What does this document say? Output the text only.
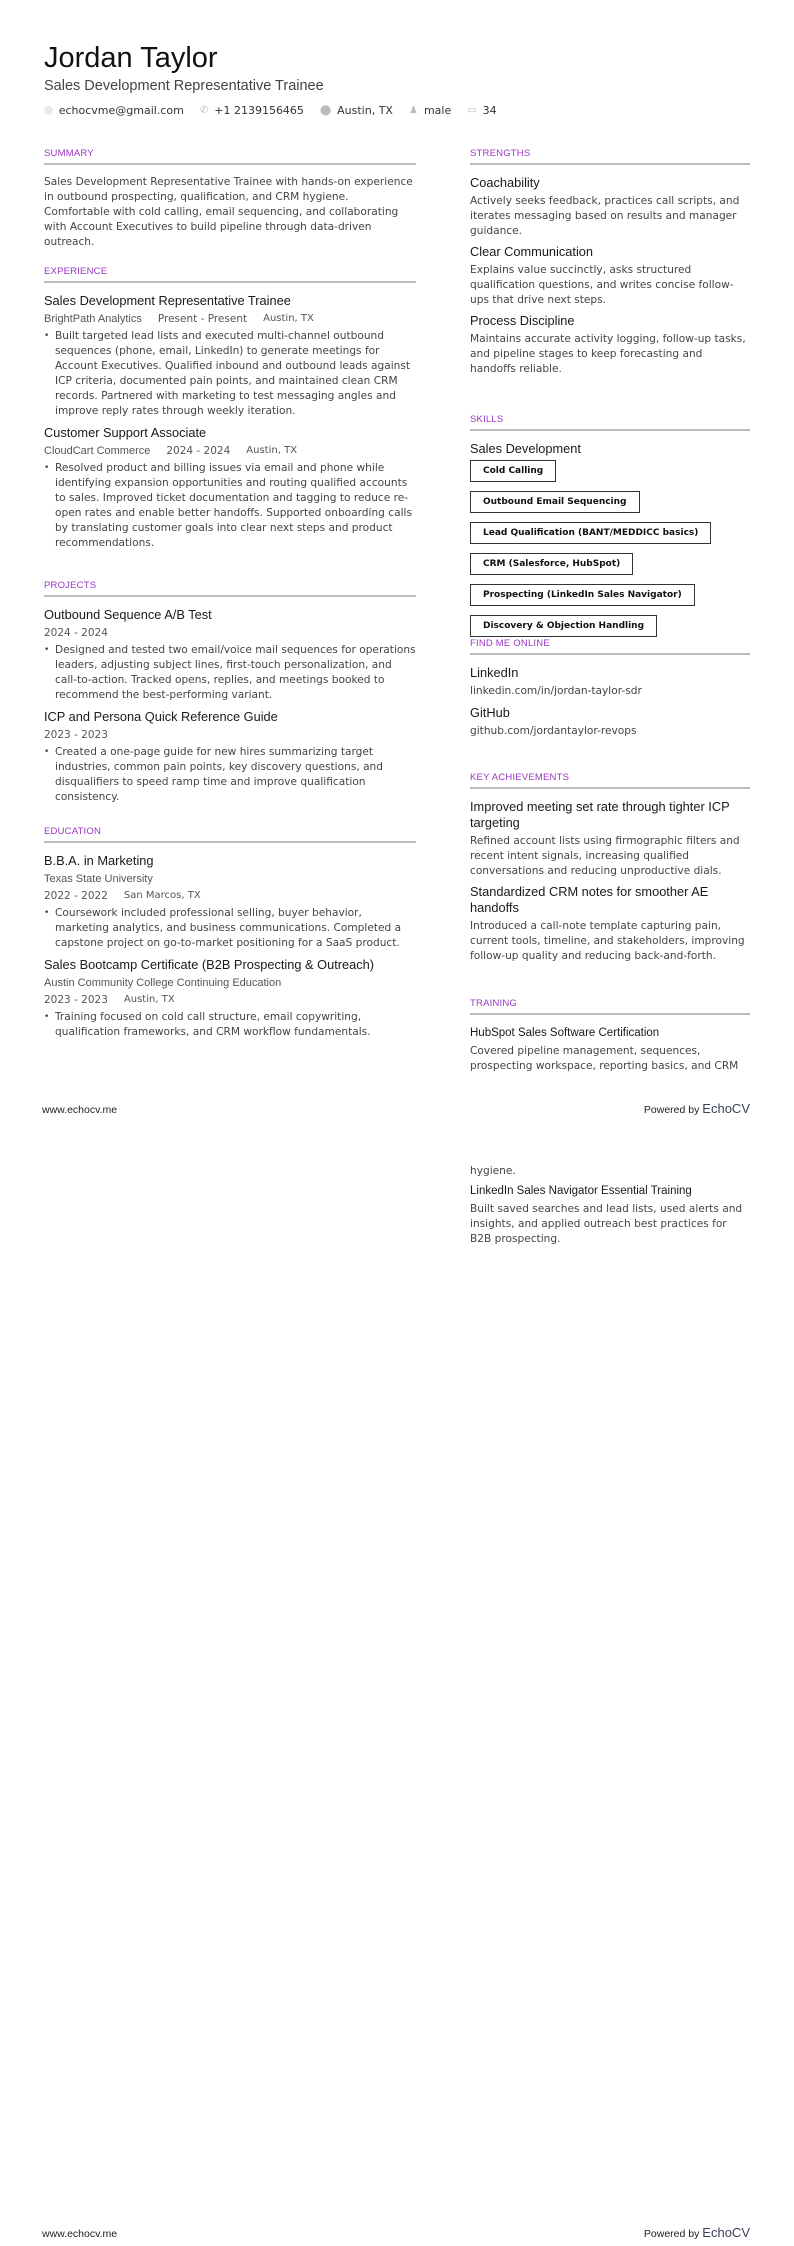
Jordan Taylor
Sales Development Representative Trainee
◎ echocvme@gmail.com ✆ +1 2139156465 ⬤ Austin, TX ♟ male ▭ 34
SUMMARY
Sales Development Representative Trainee with hands-on experience in outbound prospecting, qualification, and CRM hygiene. Comfortable with cold calling, email sequencing, and collaborating with Account Executives to build pipeline through data-driven outreach.
EXPERIENCE
Sales Development Representative Trainee
BrightPath Analytics Present - Present Austin, TX
• Built targeted lead lists and executed multi-channel outbound sequences (phone, email, LinkedIn) to generate meetings for Account Executives. Qualified inbound and outbound leads against ICP criteria, documented pain points, and maintained clean CRM records. Partnered with marketing to test messaging angles and improve reply rates through weekly iteration.
Customer Support Associate
CloudCart Commerce 2024 - 2024 Austin, TX
• Resolved product and billing issues via email and phone while identifying expansion opportunities and routing qualified accounts to sales. Improved ticket documentation and tagging to reduce re-open rates and enable better handoffs. Supported onboarding calls by translating customer goals into clear next steps and product recommendations.
PROJECTS
Outbound Sequence A/B Test
2024 - 2024
• Designed and tested two email/voice mail sequences for operations leaders, adjusting subject lines, first-touch personalization, and call-to-action. Tracked opens, replies, and meetings booked to recommend the best-performing variant.
ICP and Persona Quick Reference Guide
2023 - 2023
• Created a one-page guide for new hires summarizing target industries, common pain points, key discovery questions, and disqualifiers to speed ramp time and improve qualification consistency.
EDUCATION
B.B.A. in Marketing
Texas State University
2022 - 2022 San Marcos, TX
• Coursework included professional selling, buyer behavior, marketing analytics, and business communications. Completed a capstone project on go-to-market positioning for a SaaS product.
Sales Bootcamp Certificate (B2B Prospecting & Outreach)
Austin Community College Continuing Education
2023 - 2023 Austin, TX
• Training focused on cold call structure, email copywriting, qualification frameworks, and CRM workflow fundamentals.
STRENGTHS
Coachability
Actively seeks feedback, practices call scripts, and iterates messaging based on results and manager guidance.
Clear Communication
Explains value succinctly, asks structured qualification questions, and writes concise follow-ups that drive next steps.
Process Discipline
Maintains accurate activity logging, follow-up tasks, and pipeline stages to keep forecasting and handoffs reliable.
SKILLS
Sales Development
Cold Calling
Outbound Email Sequencing
Lead Qualification (BANT/MEDDICC basics)
CRM (Salesforce, HubSpot)
Prospecting (LinkedIn Sales Navigator)
Discovery & Objection Handling
FIND ME ONLINE
LinkedIn
linkedin.com/in/jordan-taylor-sdr
GitHub
github.com/jordantaylor-revops
KEY ACHIEVEMENTS
Improved meeting set rate through tighter ICP targeting
Refined account lists using firmographic filters and recent intent signals, increasing qualified conversations and reducing unproductive dials.
Standardized CRM notes for smoother AE handoffs
Introduced a call-note template capturing pain, current tools, timeline, and stakeholders, improving follow-up quality and reducing back-and-forth.
TRAINING
HubSpot Sales Software Certification
Covered pipeline management, sequences, prospecting workspace, reporting basics, and CRM
www.echocv.me	Powered by EchoCV
hygiene.
LinkedIn Sales Navigator Essential Training
Built saved searches and lead lists, used alerts and insights, and applied outreach best practices for B2B prospecting.
www.echocv.me	Powered by EchoCV
